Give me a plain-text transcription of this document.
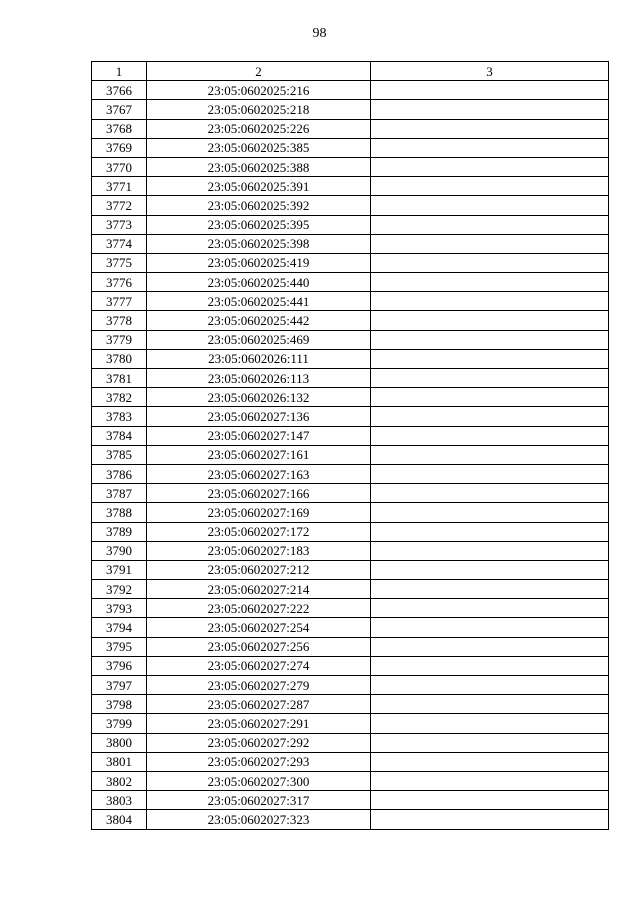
98
1	2	3
3766	23:05:0602025:216	
3767	23:05:0602025:218	
3768	23:05:0602025:226	
3769	23:05:0602025:385	
3770	23:05:0602025:388	
3771	23:05:0602025:391	
3772	23:05:0602025:392	
3773	23:05:0602025:395	
3774	23:05:0602025:398	
3775	23:05:0602025:419	
3776	23:05:0602025:440	
3777	23:05:0602025:441	
3778	23:05:0602025:442	
3779	23:05:0602025:469	
3780	23:05:0602026:111	
3781	23:05:0602026:113	
3782	23:05:0602026:132	
3783	23:05:0602027:136	
3784	23:05:0602027:147	
3785	23:05:0602027:161	
3786	23:05:0602027:163	
3787	23:05:0602027:166	
3788	23:05:0602027:169	
3789	23:05:0602027:172	
3790	23:05:0602027:183	
3791	23:05:0602027:212	
3792	23:05:0602027:214	
3793	23:05:0602027:222	
3794	23:05:0602027:254	
3795	23:05:0602027:256	
3796	23:05:0602027:274	
3797	23:05:0602027:279	
3798	23:05:0602027:287	
3799	23:05:0602027:291	
3800	23:05:0602027:292	
3801	23:05:0602027:293	
3802	23:05:0602027:300	
3803	23:05:0602027:317	
3804	23:05:0602027:323	
